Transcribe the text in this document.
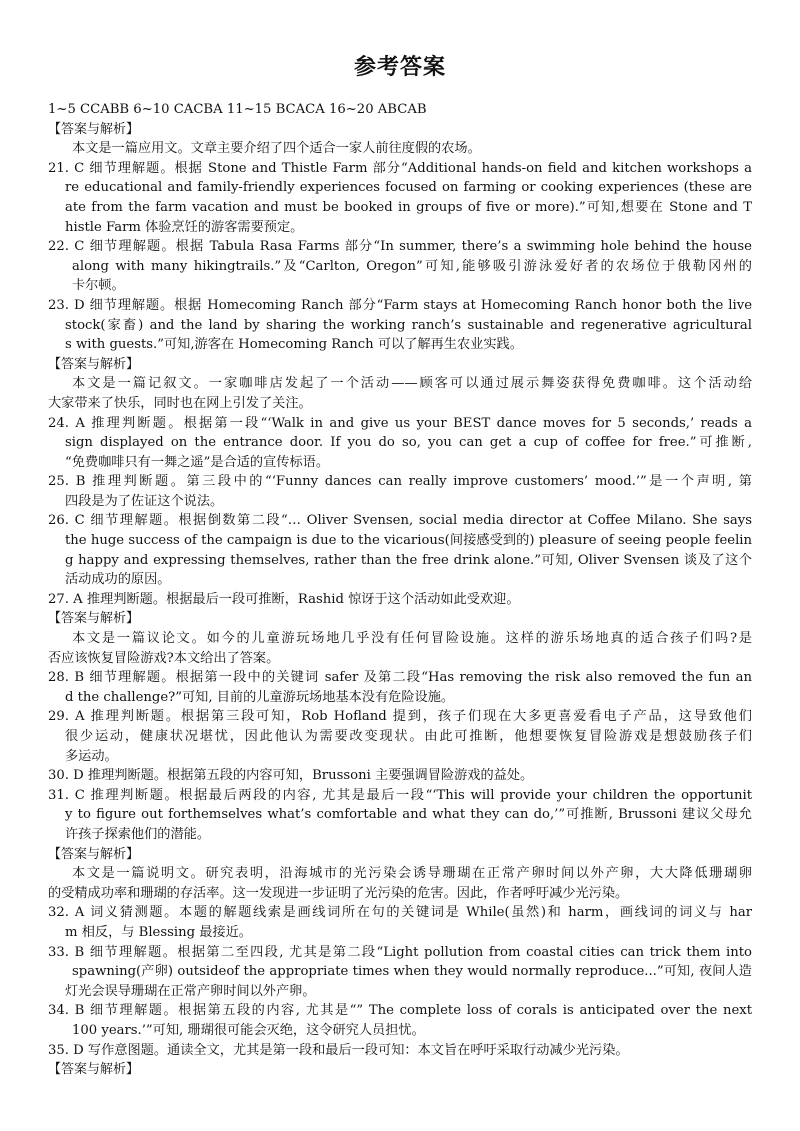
参考答案
1~5 CCABB 6~10 CACBA 11~15 BCACA 16~20 ABCAB
【答案与解析】
本文是一篇应用文。文章主要介绍了四个适合一家人前往度假的农场。
21. C 细节理解题。根据 Stone and Thistle Farm 部分“Additional hands-on field and kitchen workshops a
re educational and family-friendly experiences focused on farming or cooking experiences (these are
ate from the farm vacation and must be booked in groups of five or more).”可知,想要在 Stone and T
histle Farm 体验烹饪的游客需要预定。
22. C 细节理解题。根据 Tabula Rasa Farms 部分“In summer, there’s a swimming hole behind the house
along with many hikingtrails.”及“Carlton, Oregon”可知,能够吸引游泳爱好者的农场位于俄勒冈州的
卡尔顿。
23. D 细节理解题。根据 Homecoming Ranch 部分“Farm stays at Homecoming Ranch honor both the live
stock(家畜) and the land by sharing the working ranch’s sustainable and regenerative agricultural
s with guests.”可知,游客在 Homecoming Ranch 可以了解再生农业实践。
【答案与解析】
本文是一篇记叙文。一家咖啡店发起了一个活动——顾客可以通过展示舞姿获得免费咖啡。这个活动给
大家带来了快乐，同时也在网上引发了关注。
24. A 推理判断题。根据第一段“‘Walk in and give us your BEST dance moves for 5 seconds,’ reads a
sign displayed on the entrance door. If you do so, you can get a cup of coffee for free.”可推断,
“免费咖啡只有一舞之遥”是合适的宣传标语。
25. B 推理判断题。第三段中的“‘Funny dances can really improve customers’ mood.’”是一个声明, 第
四段是为了佐证这个说法。
26. C 细节理解题。根据倒数第二段“… Oliver Svensen, social media director at Coffee Milano. She says
the huge success of the campaign is due to the vicarious(间接感受到的) pleasure of seeing people feelin
g happy and expressing themselves, rather than the free drink alone.”可知, Oliver Svensen 谈及了这个
活动成功的原因。
27. A 推理判断题。根据最后一段可推断，Rashid 惊讶于这个活动如此受欢迎。
【答案与解析】
本文是一篇议论文。如今的儿童游玩场地几乎没有任何冒险设施。这样的游乐场地真的适合孩子们吗?是
否应该恢复冒险游戏?本文给出了答案。
28. B 细节理解题。根据第一段中的关键词 safer 及第二段“Has removing the risk also removed the fun an
d the challenge?”可知, 目前的儿童游玩场地基本没有危险设施。
29. A 推理判断题。根据第三段可知，Rob Hofland 提到，孩子们现在大多更喜爱看电子产品，这导致他们
很少运动，健康状况堪忧，因此他认为需要改变现状。由此可推断，他想要恢复冒险游戏是想鼓励孩子们
多运动。
30. D 推理判断题。根据第五段的内容可知，Brussoni 主要强调冒险游戏的益处。
31. C 推理判断题。根据最后两段的内容, 尤其是最后一段“‘This will provide your children the opportunit
y to figure out forthemselves what’s comfortable and what they can do,’”可推断, Brussoni 建议父母允
许孩子探索他们的潜能。
【答案与解析】
本文是一篇说明文。研究表明，沿海城市的光污染会诱导珊瑚在正常产卵时间以外产卵，大大降低珊瑚卵
的受精成功率和珊瑚的存活率。这一发现进一步证明了光污染的危害。因此，作者呼吁减少光污染。
32. A 词义猜测题。本题的解题线索是画线词所在句的关键词是 While(虽然)和 harm，画线词的词义与 har
m 相反，与 Blessing 最接近。
33. B 细节理解题。根据第二至四段, 尤其是第二段“Light pollution from coastal cities can trick them into
spawning(产卵) outsideof the appropriate times when they would normally reproduce...”可知, 夜间人造
灯光会误导珊瑚在正常产卵时间以外产卵。
34. B 细节理解题。根据第五段的内容, 尤其是“” The complete loss of corals is anticipated over the next
100 years.’”可知, 珊瑚很可能会灭绝，这令研究人员担忧。
35. D 写作意图题。通读全文，尤其是第一段和最后一段可知：本文旨在呼吁采取行动减少光污染。
【答案与解析】
